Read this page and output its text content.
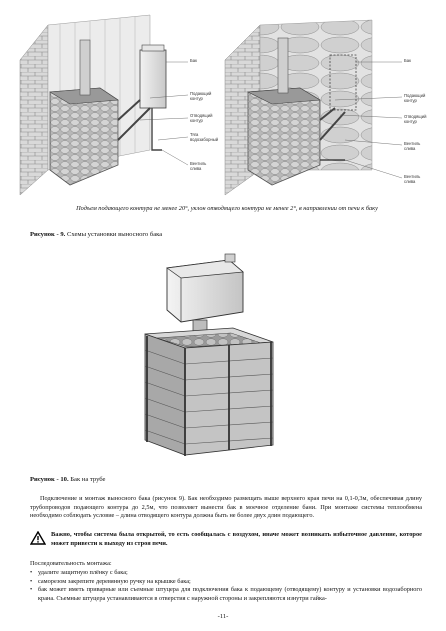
Бак
Подающий контур
Отводящий контур
Тяга водозаборный
Вентиль слива
Бак
Подающий контур
Отводящий контур
Вентиль слива
Вентиль слива
Подъем подающего контура не менее 20°, уклон отводящего контура не менее 2°, в направлении от печи к баку
Рисунок - 9. Схемы установки выносного бака
Рисунок - 10. Бак на трубе
Подключение и монтаж выносного бака (рисунок 9). Бак необходимо размещать выше верхнего края печи на 0,1-0,3м, обеспечивая длину трубопроводов подающего контура до 2,5м, что позволяет вынести бак в моечное отделение бани. При монтаже системы теплообмена необходимо соблюдать условие – длина отводящего контура должна быть не более двух длин подающего.
Важно, чтобы система была открытой, то есть сообщалась с воздухом, иначе может возникать избыточное давление, которое может привести к выходу из строя печи.
Последовательность монтажа:
• удалите защитную плёнку с бака;
• саморезом закрепите деревянную ручку на крышке бака;
• бак может иметь приварные или съемные штуцера для подключения бака к подающему (отводящему) контуру и установки водозаборного крана. Съемные штуцера устанавливаются в отверстия с наружной стороны и закрепляются изнутри гайка-
-11-
